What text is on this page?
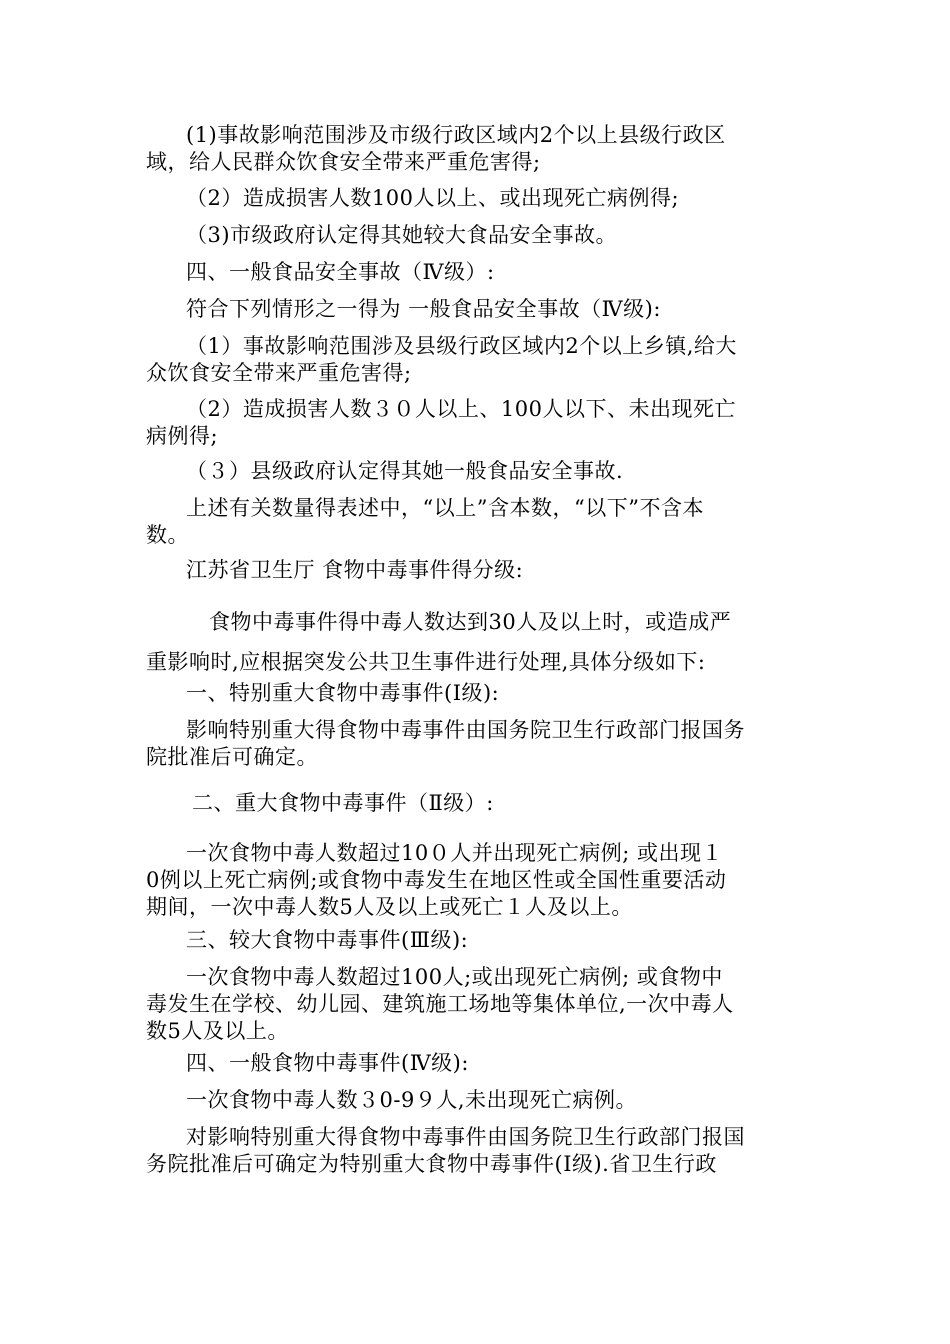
(1)事故影响范围涉及市级行政区域内2个以上县级行政区
域，给人民群众饮食安全带来严重危害得;
（2）造成损害人数100人以上、或出现死亡病例得;
（3)市级政府认定得其她较大食品安全事故。
四、一般食品安全事故（Ⅳ级）:
符合下列情形之一得为 一般食品安全事故（Ⅳ级):
（1）事故影响范围涉及县级行政区域内2个以上乡镇,给大
众饮食安全带来严重危害得;
（2）造成损害人数３０人以上、100人以下、未出现死亡
病例得;
（３）县级政府认定得其她一般食品安全事故.
上述有关数量得表述中，“以上”含本数，“以下”不含本
数。
江苏省卫生厅 食物中毒事件得分级:
食物中毒事件得中毒人数达到30人及以上时，或造成严
重影响时,应根据突发公共卫生事件进行处理,具体分级如下:
一、特别重大食物中毒事件(I级):
影响特别重大得食物中毒事件由国务院卫生行政部门报国务
院批准后可确定。
二、重大食物中毒事件（Ⅱ级）:
一次食物中毒人数超过10０人并出现死亡病例; 或出现１
0例以上死亡病例;或食物中毒发生在地区性或全国性重要活动
期间，一次中毒人数5人及以上或死亡１人及以上。
三、较大食物中毒事件(Ⅲ级):
一次食物中毒人数超过100人;或出现死亡病例; 或食物中
毒发生在学校、幼儿园、建筑施工场地等集体单位,一次中毒人
数5人及以上。
四、一般食物中毒事件(Ⅳ级):
一次食物中毒人数３0-9９人,未出现死亡病例。
对影响特别重大得食物中毒事件由国务院卫生行政部门报国
务院批准后可确定为特别重大食物中毒事件(I级).省卫生行政
